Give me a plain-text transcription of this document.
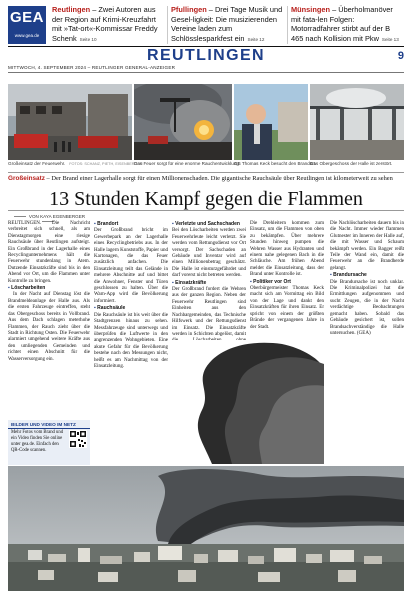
GEA
www.gea.de
Reutlingen – Zwei Autoren aus der Region auf Krimi-Kreuzfahrt mit »Tat-ort«-Kommissar Freddy Schenk Seite 10
Pfullingen – Drei Tage Musik und Gesel-ligkeit: Die musizierenden Vereine laden zum Schlösslesparkfest ein Seite 12
Münsingen – Überholmanöver mit fata-len Folgen: Motorradfahrer stirbt auf der B 465 nach Kollision mit Pkw Seite 13
REUTLINGEN	9
MITTWOCH, 4. SEPTEMBER 2024 – REUTLINGER GENERAL-ANZEIGER
Großeinsatz der Feuerwehr. FOTOS: SCHANZ, PIETH, EISENBERGER
Das Feuer sorgt für eine enorme Rauchentwicklung.
OB Thomas Keck besucht den Brandort.
Das Obergeschoss der Halle ist zerstört.
Großeinsatz – Der Brand einer Lagerhalle sorgt für einen Millionenschaden. Die gigantische Rauchsäule über Reutlingen ist kilometerweit zu sehen
13 Stunden Kampf gegen die Flammen
VON KAYA EGENBERGER

REUTLINGEN. Die Nachricht verbreitet sich schnell, als am Dienstagmorgen eine riesige Rauchsäule über Reutlingen aufsteigt. Ein Großbrand in der Lagerhalle eines Recyclingunternehmens hält die Feuerwehr stundenlang in Atem. Dutzende Einsatzkräfte sind bis in den Abend vor Ort, um die Flammen unter Kontrolle zu bringen.

▪ Löscharbeiten

In der Nacht auf Dienstag löst die Brandmeldeanlage der Halle aus. Als die ersten Fahrzeuge eintreffen, steht das Obergeschoss bereits in Vollbrand. Aus dem Dach schlagen meterhohe Flammen, der Rauch zieht über die Stadt in Richtung Osten. Die Feuerwehr alarmiert umgehend weitere Kräfte aus den umliegenden Gemeinden und richtet einen Abschnitt für die Wasserversorgung ein.

BILDER UND VIDEO IM NETZ
Mehr Fotos vom Brand und ein Video finden Sie online unter gea.de. Einfach den QR-Code scannen.

▪ Brandort

Der Großbrand bricht im Gewerbepark an der Lagerhalle eines Recyclingbetriebs aus. In der Halle lagern Kunststoffe, Papier und Kartonagen, die das Feuer zusätzlich anfachen. Die Einsatzleitung teilt das Gelände in mehrere Abschnitte auf und bittet die Anwohner, Fenster und Türen geschlossen zu halten. Über die Warn-App wird die Bevölkerung informiert.

▪ Rauchsäule

Die Rauchsäule ist bis weit über die Stadtgrenzen hinaus zu sehen. Messfahrzeuge sind unterwegs und überprüfen die Luftwerte in den angrenzenden Wohngebieten. Eine akute Gefahr für die Bevölkerung bestehe nach den Messungen nicht, heißt es am Nachmittag von der Einsatzleitung.

▪ Verletzte und Sachschaden

Bei den Löscharbeiten werden zwei Feuerwehrleute leicht verletzt. Sie werden vom Rettungsdienst vor Ort versorgt. Der Sachschaden an Gebäude und Inventar wird auf einen Millionenbetrag geschätzt. Die Halle ist einsturzgefährdet und darf vorerst nicht betreten werden.

▪ Einsatzkräfte

Der Großbrand fordert die Wehren aus der ganzen Region. Neben der Feuerwehr Reutlingen sind Einheiten aus den Nachbargemeinden, das Technische Hilfswerk und der Rettungsdienst im Einsatz. Die Einsatzkräfte werden in Schichten abgelöst, damit

Die Drehleitern kommen zum Einsatz, um die Flammen von oben zu bekämpfen. Über mehrere Stunden hinweg pumpen die Wehren Wasser aus Hydranten und einem nahe gelegenen Bach in die Schläuche. Am frühen Abend meldet die Einsatzleitung, dass der Brand unter Kontrolle ist.

▪ Politiker vor Ort

Oberbürgermeister Thomas Keck macht sich am Vormittag ein Bild von der Lage und dankt den Einsatzkräften für ihren Einsatz. Er spricht von einem der größten Brände der vergangenen Jahre in der Stadt.

Die Nachlöscharbeiten dauern bis in die Nacht. Immer wieder flammen Glutnester im Inneren der Halle auf, die mit Wasser und Schaum bekämpft werden. Ein Bagger reißt Teile der Wand ein, damit die Feuerwehr an die Brandherde gelangt.

▪ Brandursache

Die Brandursache ist noch unklar. Die Kriminalpolizei hat die Ermittlungen aufgenommen und sucht Zeugen, die in der Nacht verdächtige Beobachtungen gemacht haben. Sobald das Gebäude gesichert ist, sollen Brandsachverständige die Halle untersuchen. (GEA)
